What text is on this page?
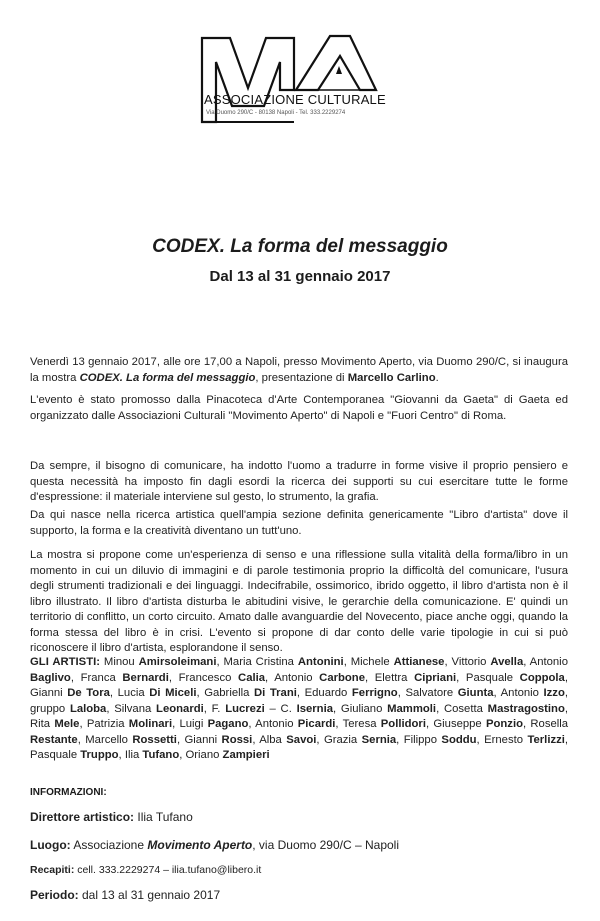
ASSOCIAZIONE CULTURALE
Via Duomo 290/C - 80138 Napoli - Tel. 333.2229274
CODEX. La forma del messaggio
Dal 13 al 31 gennaio 2017
Venerdì 13 gennaio 2017, alle ore 17,00 a Napoli, presso Movimento Aperto, via Duomo 290/C, si inaugura la mostra CODEX. La forma del messaggio, presentazione di Marcello Carlino.
L'evento è stato promosso dalla Pinacoteca d'Arte Contemporanea "Giovanni da Gaeta" di Gaeta ed organizzato dalle Associazioni Culturali "Movimento Aperto" di Napoli e "Fuori Centro" di Roma.
Da sempre, il bisogno di comunicare, ha indotto l'uomo a tradurre in forme visive il proprio pensiero e questa necessità ha imposto fin dagli esordi la ricerca dei supporti su cui esercitare tutte le forme d'espressione: il materiale interviene sul gesto, lo strumento, la grafia.
Da qui nasce nella ricerca artistica quell'ampia sezione definita genericamente "Libro d'artista" dove il supporto, la forma e la creatività diventano un tutt'uno.
La mostra si propone come un'esperienza di senso e una riflessione sulla vitalità della forma/libro in un momento in cui un diluvio di immagini e di parole testimonia proprio la difficoltà del comunicare, l'usura degli strumenti tradizionali e dei linguaggi. Indecifrabile, ossimorico, ibrido oggetto, il libro d'artista non è il libro illustrato. Il libro d'artista disturba le abitudini visive, le gerarchie della comunicazione. E' quindi un territorio di conflitto, un corto circuito. Amato dalle avanguardie del Novecento, piace anche oggi, quando la forma stessa del libro è in crisi. L'evento si propone di dar conto delle varie tipologie in cui si può riconoscere il libro d'artista, esplorandone il senso.
GLI ARTISTI: Minou Amirsoleimani, Maria Cristina Antonini, Michele Attianese, Vittorio Avella, Antonio Baglivo, Franca Bernardi, Francesco Calia, Antonio Carbone, Elettra Cipriani, Pasquale Coppola, Gianni De Tora, Lucia Di Miceli, Gabriella Di Trani, Eduardo Ferrigno, Salvatore Giunta, Antonio Izzo, gruppo Laloba, Silvana Leonardi, F. Lucrezi – C. Isernia, Giuliano Mammoli, Cosetta Mastragostino, Rita Mele, Patrizia Molinari, Luigi Pagano, Antonio Picardi, Teresa Pollidori, Giuseppe Ponzio, Rosella Restante, Marcello Rossetti, Gianni Rossi, Alba Savoi, Grazia Sernia, Filippo Soddu, Ernesto Terlizzi, Pasquale Truppo, Ilia Tufano, Oriano Zampieri
INFORMAZIONI:
Direttore artistico: Ilia Tufano
Luogo: Associazione Movimento Aperto, via Duomo 290/C – Napoli
Recapiti: cell. 333.2229274 – ilia.tufano@libero.it
Periodo: dal 13 al 31 gennaio 2017
